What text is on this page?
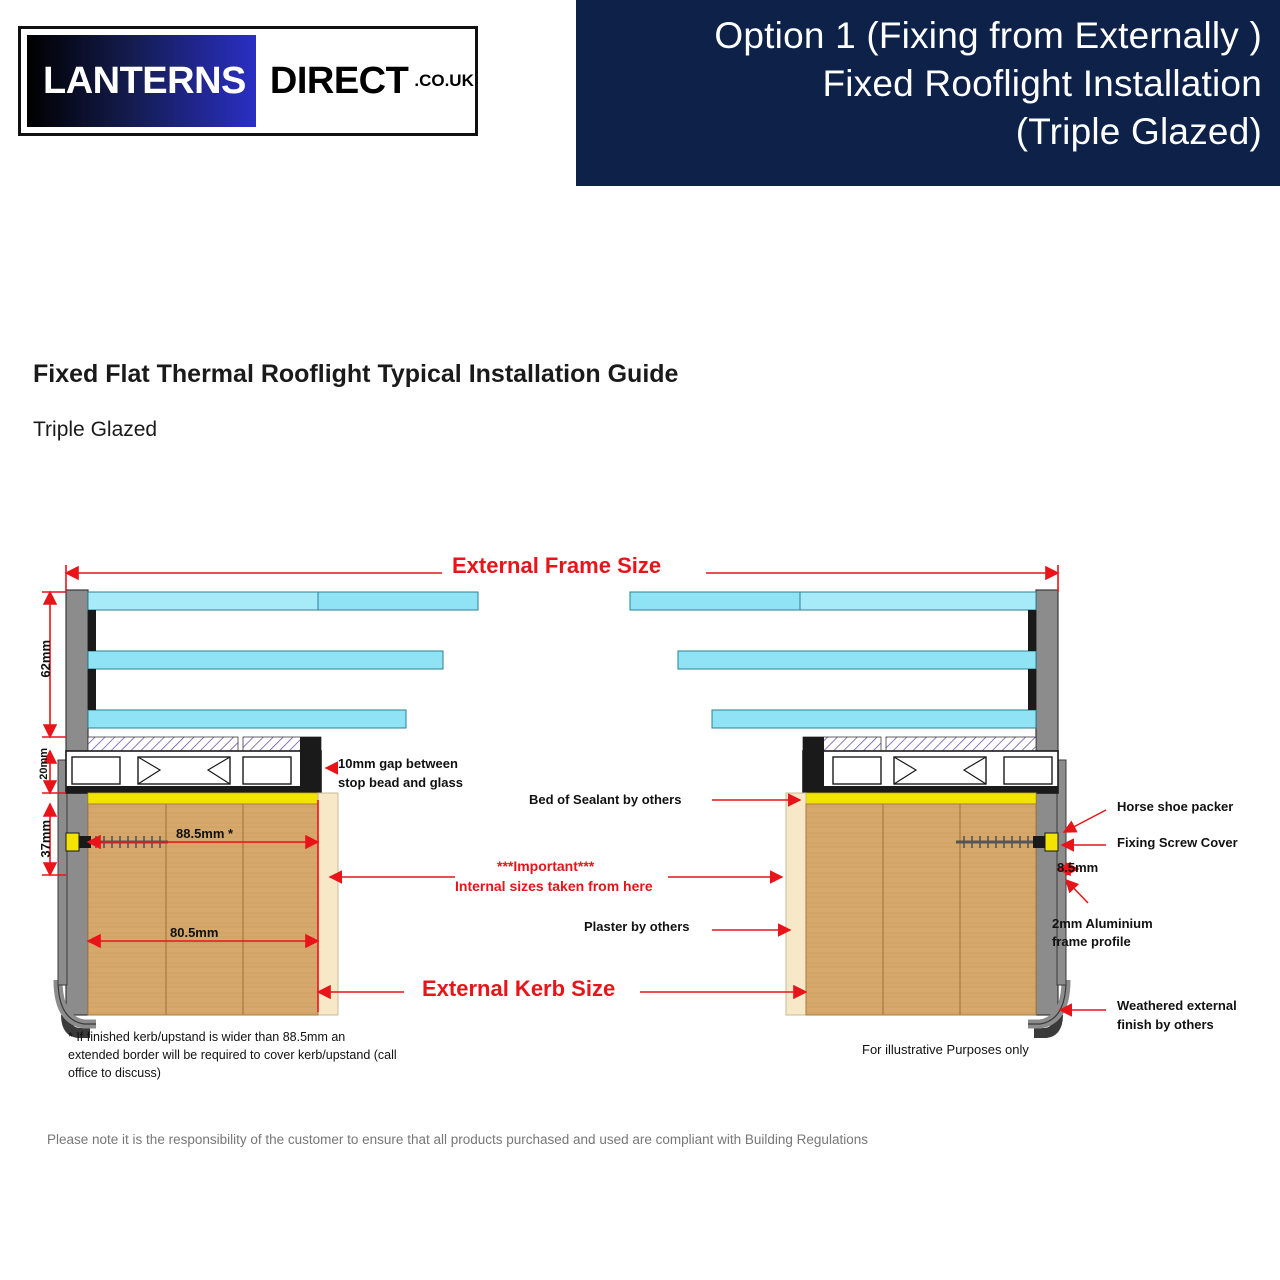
LANTERNS DIRECT .CO.UK
Option 1 (Fixing from Externally )
Fixed Rooflight Installation
(Triple Glazed)
Fixed Flat Thermal Rooflight Typical Installation Guide
Triple Glazed
External Frame Size
External Kerb Size
62mm
20mm
37mm	88.5mm *
80.5mm
8.5mm
10mm gap between
stop bead and glass
Bed of Sealant by others
***Important***
Internal sizes taken from here
Plaster by others
Horse shoe packer
Fixing Screw Cover
2mm Aluminium
frame profile
Weathered external
finish by others
* If finished kerb/upstand is wider than 88.5mm an extended border will be required to cover kerb/upstand (call office to discuss)
For illustrative Purposes only
Please note it is the responsibility of the customer to ensure that all products purchased and used are compliant with Building Regulations
